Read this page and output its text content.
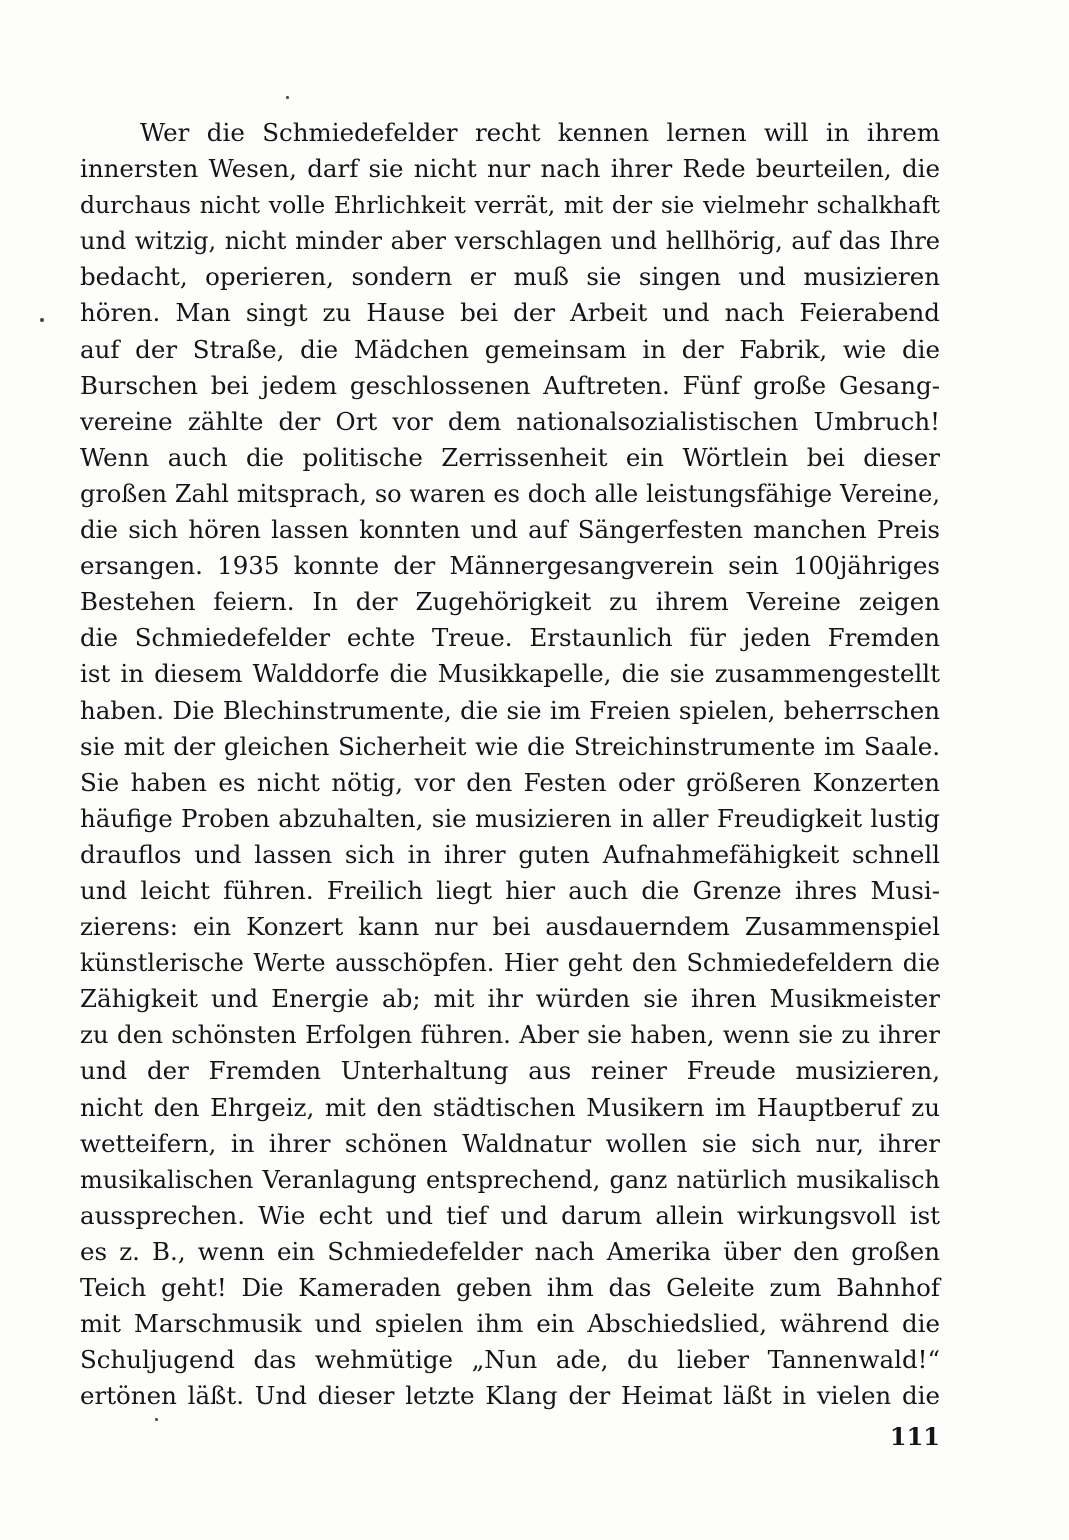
Wer die Schmiedefelder recht kennen lernen will in ihrem
innersten Wesen, darf sie nicht nur nach ihrer Rede beurteilen, die
durchaus nicht volle Ehrlichkeit verrät, mit der sie vielmehr schalkhaft
und witzig, nicht minder aber verschlagen und hellhörig, auf das Ihre
bedacht, operieren, sondern er muß sie singen und musizieren
hören. Man singt zu Hause bei der Arbeit und nach Feierabend
auf der Straße, die Mädchen gemeinsam in der Fabrik, wie die
Burschen bei jedem geschlossenen Auftreten. Fünf große Gesang-
vereine zählte der Ort vor dem nationalsozialistischen Umbruch!
Wenn auch die politische Zerrissenheit ein Wörtlein bei dieser
großen Zahl mitsprach, so waren es doch alle leistungsfähige Vereine,
die sich hören lassen konnten und auf Sängerfesten manchen Preis
ersangen. 1935 konnte der Männergesangverein sein 100jähriges
Bestehen feiern. In der Zugehörigkeit zu ihrem Vereine zeigen
die Schmiedefelder echte Treue. Erstaunlich für jeden Fremden
ist in diesem Walddorfe die Musikkapelle, die sie zusammengestellt
haben. Die Blechinstrumente, die sie im Freien spielen, beherrschen
sie mit der gleichen Sicherheit wie die Streichinstrumente im Saale.
Sie haben es nicht nötig, vor den Festen oder größeren Konzerten
häufige Proben abzuhalten, sie musizieren in aller Freudigkeit lustig
drauflos und lassen sich in ihrer guten Aufnahmefähigkeit schnell
und leicht führen. Freilich liegt hier auch die Grenze ihres Musi-
zierens: ein Konzert kann nur bei ausdauerndem Zusammenspiel
künstlerische Werte ausschöpfen. Hier geht den Schmiedefeldern die
Zähigkeit und Energie ab; mit ihr würden sie ihren Musikmeister
zu den schönsten Erfolgen führen. Aber sie haben, wenn sie zu ihrer
und der Fremden Unterhaltung aus reiner Freude musizieren,
nicht den Ehrgeiz, mit den städtischen Musikern im Hauptberuf zu
wetteifern, in ihrer schönen Waldnatur wollen sie sich nur, ihrer
musikalischen Veranlagung entsprechend, ganz natürlich musikalisch
aussprechen. Wie echt und tief und darum allein wirkungsvoll ist
es z. B., wenn ein Schmiedefelder nach Amerika über den großen
Teich geht! Die Kameraden geben ihm das Geleite zum Bahnhof
mit Marschmusik und spielen ihm ein Abschiedslied, während die
Schuljugend das wehmütige „Nun ade, du lieber Tannenwald!“
ertönen läßt. Und dieser letzte Klang der Heimat läßt in vielen die
111
